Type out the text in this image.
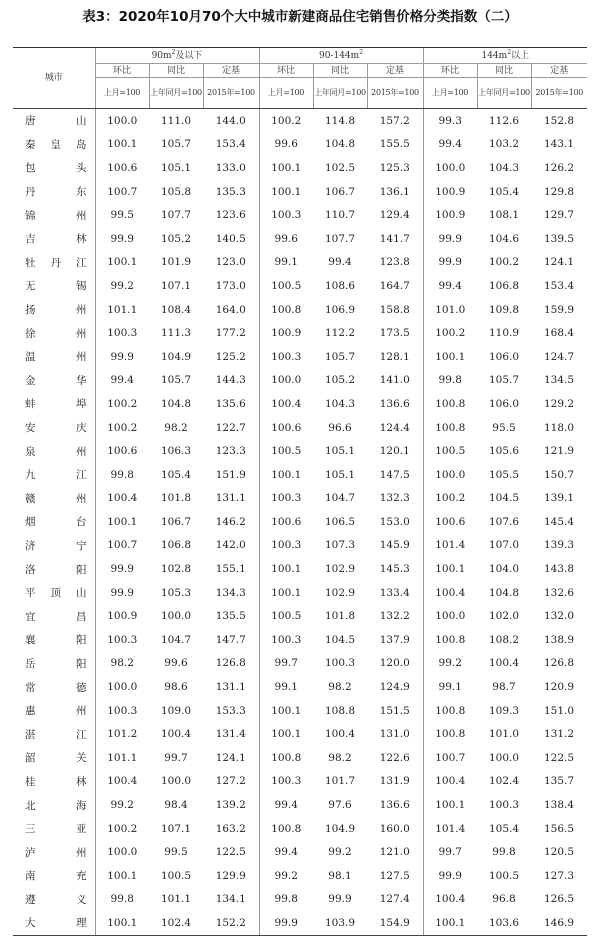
表3：2020年10月70个大中城市新建商品住宅销售价格分类指数（二）
城市	$90m^2$及以下			$90-144m^2$			$144m^2$以上		
	环比	同比	定基	环比	同比	定基	环比	同比	定基
	上月=100	上年同月=100	2015年=100	上月=100	上年同月=100	2015年=100	上月=100	上年同月=100	2015年=100
唐山	100.0	111.0	144.0	100.2	114.8	157.2	99.3	112.6	152.8
秦皇岛	100.1	105.7	153.4	99.6	104.8	155.5	99.4	103.2	143.1
包头	100.6	105.1	133.0	100.1	102.5	125.3	100.0	104.3	126.2
丹东	100.7	105.8	135.3	100.1	106.7	136.1	100.9	105.4	129.8
锦州	99.5	107.7	123.6	100.3	110.7	129.4	100.9	108.1	129.7
吉林	99.9	105.2	140.5	99.6	107.7	141.7	99.9	104.6	139.5
牡丹江	100.1	101.9	123.0	99.1	99.4	123.8	99.9	100.2	124.1
无锡	99.2	107.1	173.0	100.5	108.6	164.7	99.4	106.8	153.4
扬州	101.1	108.4	164.0	100.8	106.9	158.8	101.0	109.8	159.9
徐州	100.3	111.3	177.2	100.9	112.2	173.5	100.2	110.9	168.4
温州	99.9	104.9	125.2	100.3	105.7	128.1	100.1	106.0	124.7
金华	99.4	105.7	144.3	100.0	105.2	141.0	99.8	105.7	134.5
蚌埠	100.2	104.8	135.6	100.4	104.3	136.6	100.8	106.0	129.2
安庆	100.2	98.2	122.7	100.6	96.6	124.4	100.8	95.5	118.0
泉州	100.6	106.3	123.3	100.5	105.1	120.1	100.5	105.6	121.9
九江	99.8	105.4	151.9	100.1	105.1	147.5	100.0	105.5	150.7
赣州	100.4	101.8	131.1	100.3	104.7	132.3	100.2	104.5	139.1
烟台	100.1	106.7	146.2	100.6	106.5	153.0	100.6	107.6	145.4
济宁	100.7	106.8	142.0	100.3	107.3	145.9	101.4	107.0	139.3
洛阳	99.9	102.8	155.1	100.1	102.9	145.3	100.1	104.0	143.8
平顶山	99.9	105.3	134.3	100.1	102.9	133.4	100.4	104.8	132.6
宜昌	100.9	100.0	135.5	100.5	101.8	132.2	100.0	102.0	132.0
襄阳	100.3	104.7	147.7	100.3	104.5	137.9	100.8	108.2	138.9
岳阳	98.2	99.6	126.8	99.7	100.3	120.0	99.2	100.4	126.8
常德	100.0	98.6	131.1	99.1	98.2	124.9	99.1	98.7	120.9
惠州	100.3	109.0	153.3	100.1	108.8	151.5	100.8	109.3	151.0
湛江	101.2	100.4	131.4	100.1	100.4	131.0	100.8	101.0	131.2
韶关	101.1	99.7	124.1	100.8	98.2	122.6	100.7	100.0	122.5
桂林	100.4	100.0	127.2	100.3	101.7	131.9	100.4	102.4	135.7
北海	99.2	98.4	139.2	99.4	97.6	136.6	100.1	100.3	138.4
三亚	100.2	107.1	163.2	100.8	104.9	160.0	101.4	105.4	156.5
泸州	100.0	99.5	122.5	99.4	99.2	121.0	99.7	99.8	120.5
南充	100.1	100.5	129.9	99.2	98.1	127.5	99.9	100.5	127.3
遵义	99.8	101.1	134.1	99.8	99.9	127.4	100.4	96.8	126.5
大理	100.1	102.4	152.2	99.9	103.9	154.9	100.1	103.6	146.9
